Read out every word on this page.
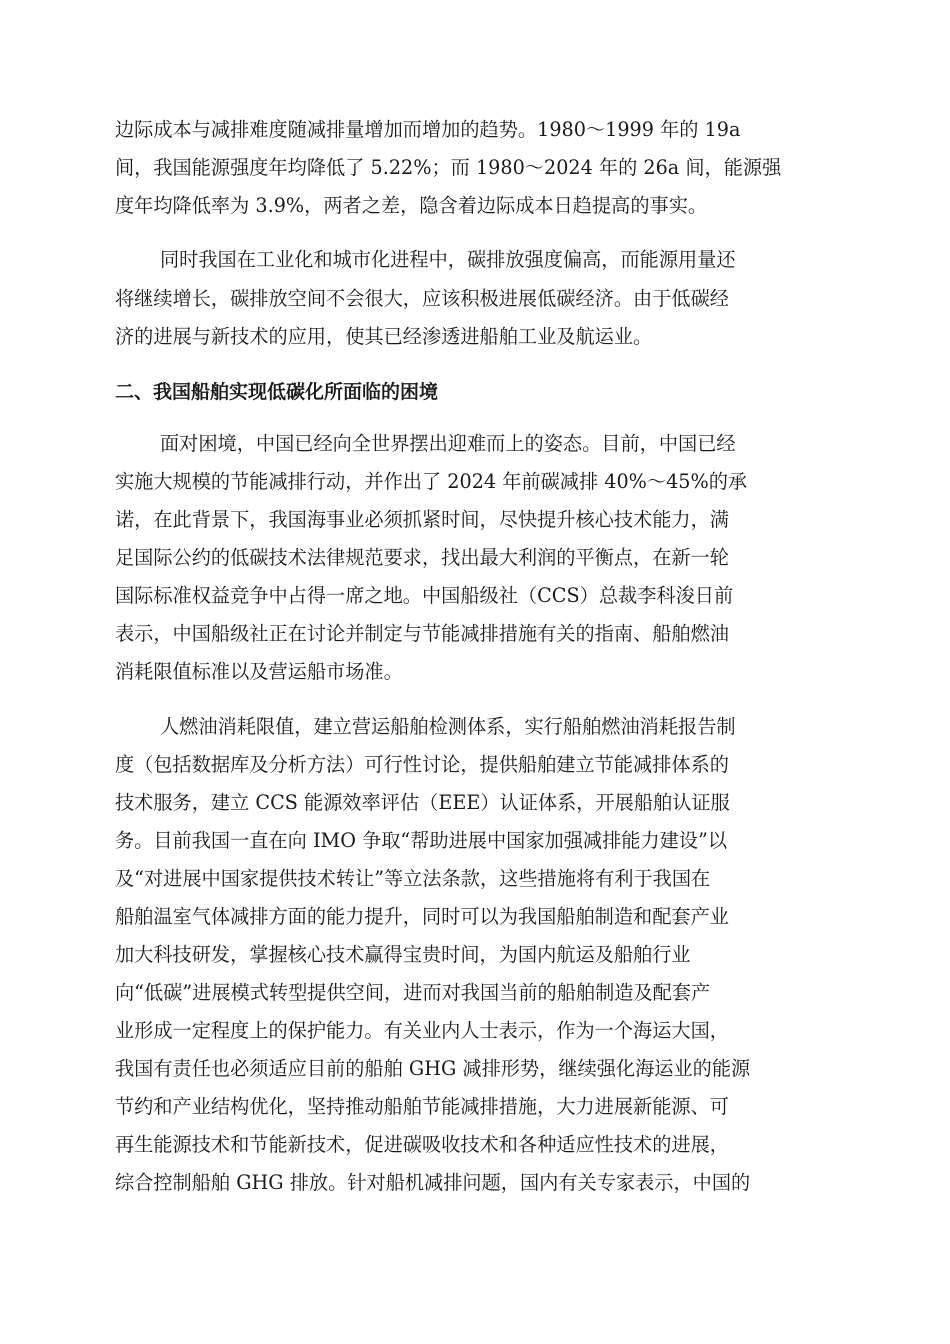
边际成本与减排难度随减排量增加而增加的趋势。1980～1999 年的 19a
间，我国能源强度年均降低了 5.22%；而 1980～2024 年的 26a 间，能源强
度年均降低率为 3.9%，两者之差，隐含着边际成本日趋提高的事实。
同时我国在工业化和城市化进程中，碳排放强度偏高，而能源用量还
将继续增长，碳排放空间不会很大，应该积极进展低碳经济。由于低碳经
济的进展与新技术的应用，使其已经渗透进船舶工业及航运业。
二、我国船舶实现低碳化所面临的困境
面对困境，中国已经向全世界摆出迎难而上的姿态。目前，中国已经
实施大规模的节能减排行动，并作出了 2024 年前碳减排 40%～45%的承
诺，在此背景下，我国海事业必须抓紧时间，尽快提升核心技术能力，满
足国际公约的低碳技术法律规范要求，找出最大利润的平衡点，在新一轮
国际标准权益竞争中占得一席之地。中国船级社（CCS）总裁李科浚日前
表示，中国船级社正在讨论并制定与节能减排措施有关的指南、船舶燃油
消耗限值标准以及营运船市场准。
人燃油消耗限值，建立营运船舶检测体系，实行船舶燃油消耗报告制
度（包括数据库及分析方法）可行性讨论，提供船舶建立节能减排体系的
技术服务，建立 CCS 能源效率评估（EEE）认证体系，开展船舶认证服
务。目前我国一直在向 IMO 争取“帮助进展中国家加强减排能力建设”以
及“对进展中国家提供技术转让”等立法条款，这些措施将有利于我国在
船舶温室气体减排方面的能力提升，同时可以为我国船舶制造和配套产业
加大科技研发，掌握核心技术赢得宝贵时间，为国内航运及船舶行业
向“低碳”进展模式转型提供空间，进而对我国当前的船舶制造及配套产
业形成一定程度上的保护能力。有关业内人士表示，作为一个海运大国，
我国有责任也必须适应目前的船舶 GHG 减排形势，继续强化海运业的能源
节约和产业结构优化，坚持推动船舶节能减排措施，大力进展新能源、可
再生能源技术和节能新技术，促进碳吸收技术和各种适应性技术的进展，
综合控制船舶 GHG 排放。针对船机减排问题，国内有关专家表示，中国的
